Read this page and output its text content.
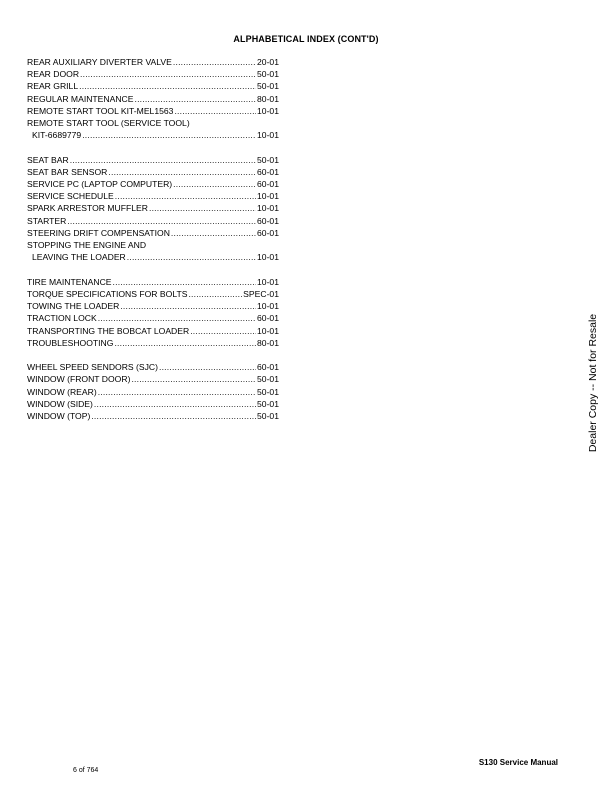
ALPHABETICAL INDEX (CONT'D)
REAR AUXILIARY DIVERTER VALVE .....	20-01
REAR DOOR .....	50-01
REAR GRILL .....	50-01
REGULAR MAINTENANCE .....	80-01
REMOTE START TOOL KIT-MEL1563 .....	10-01
REMOTE START TOOL (SERVICE TOOL)
KIT-6689779 .....	10-01
SEAT BAR .....	50-01
SEAT BAR SENSOR .....	60-01
SERVICE PC (LAPTOP COMPUTER) .....	60-01
SERVICE SCHEDULE .....	10-01
SPARK ARRESTOR MUFFLER .....	10-01
STARTER .....	60-01
STEERING DRIFT COMPENSATION .....	60-01
STOPPING THE ENGINE AND
LEAVING THE LOADER .....	10-01
TIRE MAINTENANCE .....	10-01
TORQUE SPECIFICATIONS FOR BOLTS .....	SPEC-01
TOWING THE LOADER .....	10-01
TRACTION LOCK .....	60-01
TRANSPORTING THE BOBCAT LOADER .....	10-01
TROUBLESHOOTING .....	80-01
WHEEL SPEED SENDORS (SJC) .....	60-01
WINDOW (FRONT DOOR) .....	50-01
WINDOW (REAR) .....	50-01
WINDOW (SIDE) .....	50-01
WINDOW (TOP) .....	50-01	Dealer Copy -- Not for Resale
S130 Service Manual
6 of 764
